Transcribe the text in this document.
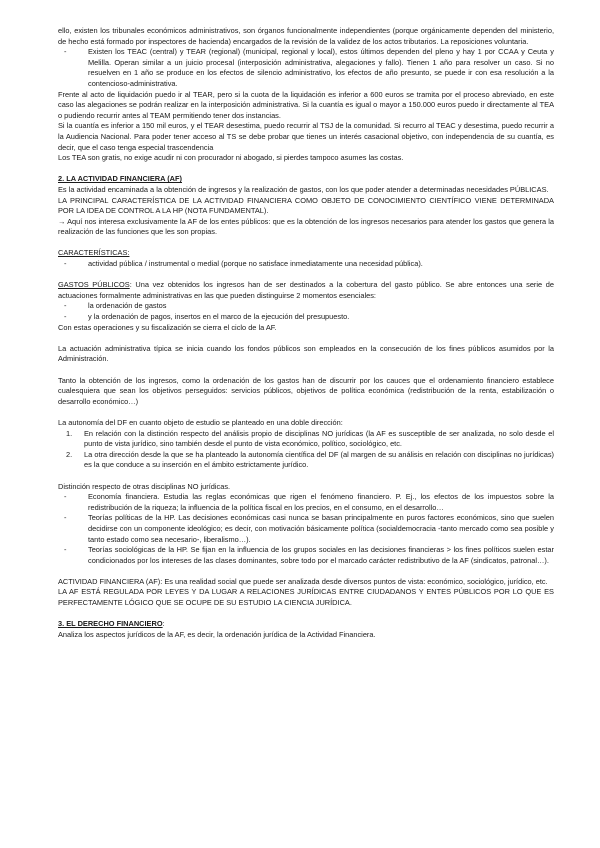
ello, existen los tribunales económicos administrativos, son órganos funcionalmente independientes (porque orgánicamente dependen del ministerio, de hecho está formado por inspectores de hacienda) encargados de la revisión de la validez de los actos tributarios. La reposiciones voluntaria.

-	Existen los TEAC (central) y TEAR (regional) (municipal, regional y local), estos últimos dependen del pleno y hay 1 por CCAA y Ceuta y Melilla. Operan similar a un juicio procesal (interposición administrativa, alegaciones y fallo). Tienen 1 año para resolver un caso. Si no resuelven en 1 año se produce en los efectos de silencio administrativo, los efectos de año presunto, se puede ir con esa resolución a la contencioso-administrativa.

Frente al acto de liquidación puedo ir al TEAR, pero si la cuota de la liquidación es inferior a 600 euros se tramita por el proceso abreviado, en este caso las alegaciones se podrán realizar en la interposición administrativa. Si la cuantía es igual o mayor a 150.000 euros puedo ir directamente al TEA o pudiendo recurrir antes al TEAM permitiendo tener dos instancias.

Si la cuantía es inferior a 150 mil euros, y el TEAR desestima, puedo recurrir al TSJ de la comunidad. Si recurro al TEAC y desestima, puedo recurrir a la Audiencia Nacional. Para poder tener acceso al TS se debe probar que tienes un interés casacional objetivo, con independencia de su cuantía, es decir, que el caso tenga especial trascendencia

Los TEA son gratis, no exige acudir ni con procurador ni abogado, si pierdes tampoco asumes las costas.

2. LA ACTIVIDAD FINANCIERA (AF)

Es la actividad encaminada a la obtención de ingresos y la realización de gastos, con los que poder atender a determinadas necesidades PÚBLICAS.

LA PRINCIPAL CARACTERÍSTICA DE LA ACTIVIDAD FINANCIERA COMO OBJETO DE CONOCIMIENTO CIENTÍFICO VIENE DETERMINADA POR LA IDEA DE CONTROL A LA HP (NOTA FUNDAMENTAL).

→ Aquí nos interesa exclusivamente la AF de los entes públicos: que es la obtención de los ingresos necesarios para atender los gastos que genera la realización de las funciones que les son propias.

CARACTERÍSTICAS:

-	actividad pública / instrumental o medial (porque no satisface inmediatamente una necesidad pública).

GASTOS PÚBLICOS: Una vez obtenidos los ingresos han de ser destinados a la cobertura del gasto público. Se abre entonces una serie de actuaciones formalmente administrativas en las que pueden distinguirse 2 momentos esenciales:

-	la ordenación de gastos
-	y la ordenación de pagos, insertos en el marco de la ejecución del presupuesto.

Con estas operaciones y su fiscalización se cierra el ciclo de la AF.

La actuación administrativa típica se inicia cuando los fondos públicos son empleados en la consecución de los fines públicos asumidos por la Administración.

Tanto la obtención de los ingresos, como la ordenación de los gastos han de discurrir por los cauces que el ordenamiento financiero establece cualesquiera que sean los objetivos perseguidos: servicios públicos, objetivos de política económica (redistribución de la renta, estabilización o desarrollo económico…)

La autonomía del DF en cuanto objeto de estudio se planteado en una doble dirección:

1. En relación con la distinción respecto del análisis propio de disciplinas NO jurídicas (la AF es susceptible de ser analizada, no solo desde el punto de vista jurídico, sino también desde el punto de vista económico, político, sociológico, etc.
2. La otra dirección desde la que se ha planteado la autonomía científica del DF (al margen de su análisis en relación con disciplinas no jurídicas) es la que conduce a su inserción en el ámbito estrictamente jurídico.

Distinción respecto de otras disciplinas NO jurídicas.

-	Economía financiera. Estudia las reglas económicas que rigen el fenómeno financiero. P. Ej., los efectos de los impuestos sobre la redistribución de la riqueza; la influencia de la política fiscal en los precios, en el consumo, en el desarrollo…
-	Teorías políticas de la HP. Las decisiones económicas casi nunca se basan principalmente en puros factores económicos, sino que suelen decidirse con un componente ideológico; es decir, con motivación básicamente política (socialdemocracia -tanto mercado como sea posible y tanto estado como sea necesario-, liberalismo…).
-	Teorías sociológicas de la HP. Se fijan en la influencia de los grupos sociales en las decisiones financieras > los fines políticos suelen estar condicionados por los intereses de las clases dominantes, sobre todo por el marcado carácter redistributivo de la AF (sindicatos, patronal…).

ACTIVIDAD FINANCIERA (AF): Es una realidad social que puede ser analizada desde diversos puntos de vista: económico, sociológico, jurídico, etc.

LA AF ESTÁ REGULADA POR LEYES Y DA LUGAR A RELACIONES JURÍDICAS ENTRE CIUDADANOS Y ENTES PÚBLICOS POR LO QUE ES PERFECTAMENTE LÓGICO QUE SE OCUPE DE SU ESTUDIO LA CIENCIA JURÍDICA.

3. EL DERECHO FINANCIERO:

Analiza los aspectos jurídicos de la AF, es decir, la ordenación jurídica de la Actividad Financiera.
